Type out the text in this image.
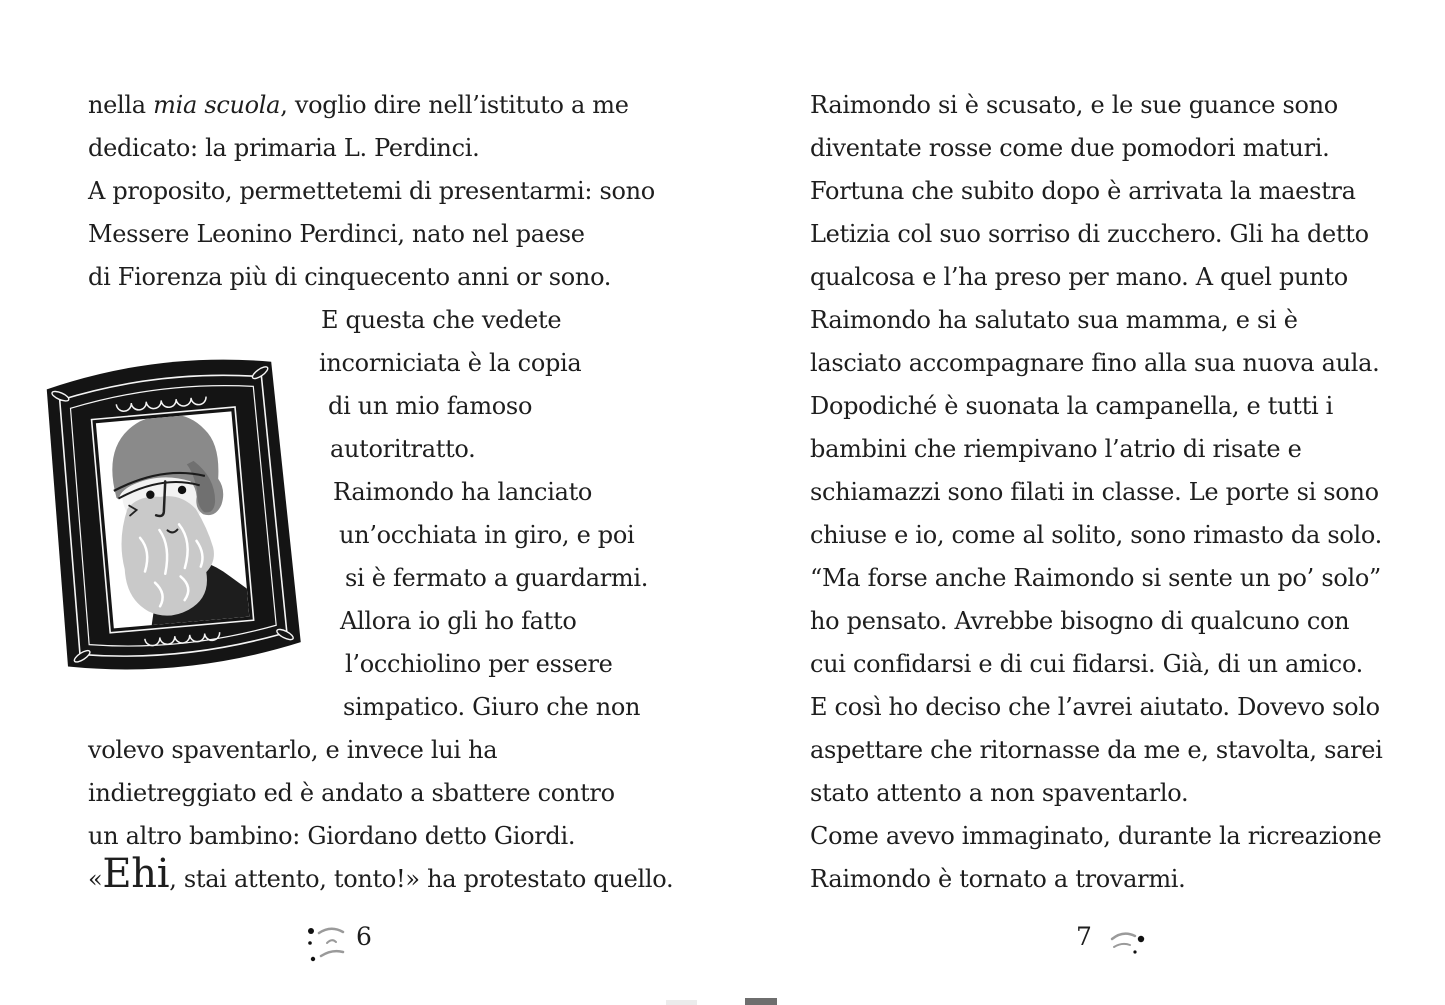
nella mia scuola, voglio dire nell’istituto a me
dedicato: la primaria L. Perdinci.
A proposito, permettetemi di presentarmi: sono
Messere Leonino Perdinci, nato nel paese
di Fiorenza più di cinquecento anni or sono.
E questa che vedete
incorniciata è la copia
di un mio famoso
autoritratto.
Raimondo ha lanciato
un’occhiata in giro, e poi
si è fermato a guardarmi.
Allora io gli ho fatto
l’occhiolino per essere
simpatico. Giuro che non
volevo spaventarlo, e invece lui ha
indietreggiato ed è andato a sbattere contro
un altro bambino: Giordano detto Giordi.
«Ehi, stai attento, tonto!» ha protestato quello.
Raimondo si è scusato, e le sue guance sono
diventate rosse come due pomodori maturi.
Fortuna che subito dopo è arrivata la maestra
Letizia col suo sorriso di zucchero. Gli ha detto
qualcosa e l’ha preso per mano. A quel punto
Raimondo ha salutato sua mamma, e si è
lasciato accompagnare fino alla sua nuova aula.
Dopodiché è suonata la campanella, e tutti i
bambini che riempivano l’atrio di risate e
schiamazzi sono filati in classe. Le porte si sono
chiuse e io, come al solito, sono rimasto da solo.
“Ma forse anche Raimondo si sente un po’ solo”
ho pensato. Avrebbe bisogno di qualcuno con
cui confidarsi e di cui fidarsi. Già, di un amico.
E così ho deciso che l’avrei aiutato. Dovevo solo
aspettare che ritornasse da me e, stavolta, sarei
stato attento a non spaventarlo.
Come avevo immaginato, durante la ricreazione
Raimondo è tornato a trovarmi.
6	7
